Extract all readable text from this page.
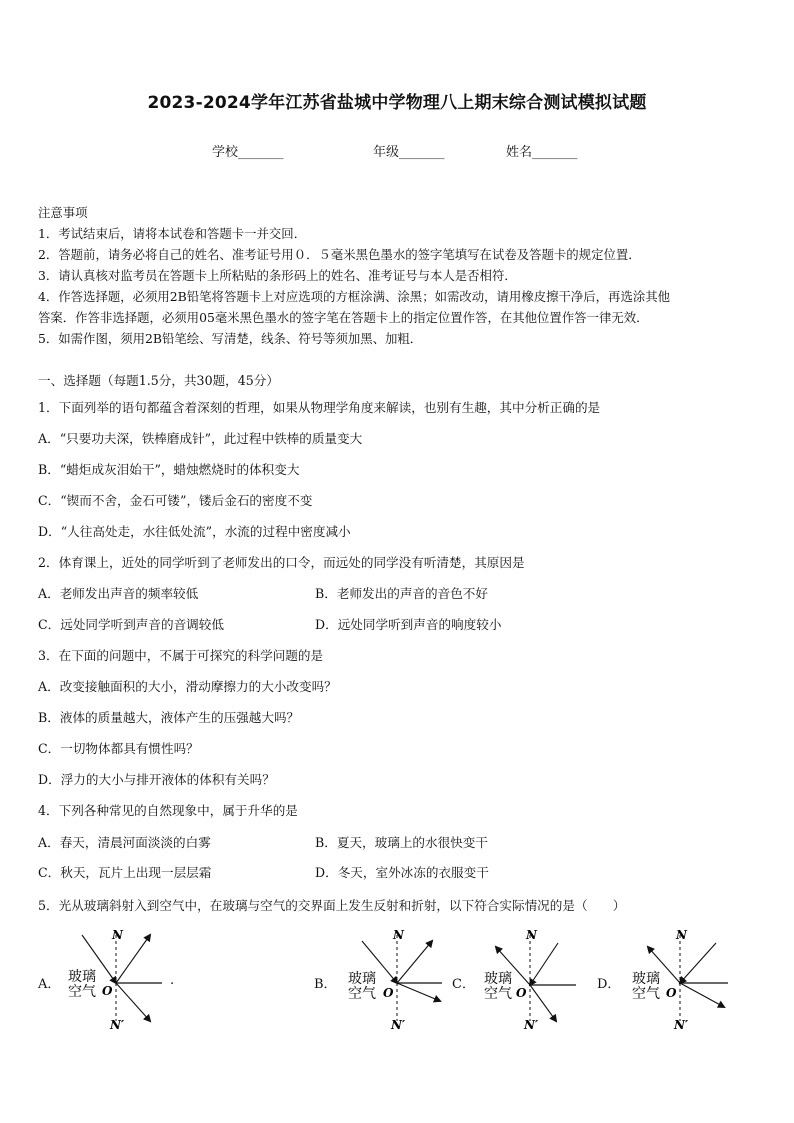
2023-2024学年江苏省盐城中学物理八上期末综合测试模拟试题
学校_______	年级_______	姓名_______
注意事项
1．考试结束后，请将本试卷和答题卡一并交回．
2．答题前，请务必将自己的姓名、准考证号用０．５毫米黑色墨水的签字笔填写在试卷及答题卡的规定位置．
3．请认真核对监考员在答题卡上所粘贴的条形码上的姓名、准考证号与本人是否相符．
4．作答选择题，必须用2B铅笔将答题卡上对应选项的方框涂满、涂黑；如需改动，请用橡皮擦干净后，再选涂其他
答案．作答非选择题，必须用05毫米黑色墨水的签字笔在答题卡上的指定位置作答，在其他位置作答一律无效．
5．如需作图，须用2B铅笔绘、写清楚，线条、符号等须加黑、加粗．
一、选择题（每题1.5分，共30题，45分）
1．下面列举的语句都蕴含着深刻的哲理，如果从物理学角度来解读，也别有生趣，其中分析正确的是
A．“只要功夫深，铁棒磨成针”，此过程中铁棒的质量变大
B．“蜡炬成灰泪始干”，蜡烛燃烧时的体积变大
C．“锲而不舍，金石可镂”，镂后金石的密度不变
D．“人往高处走，水往低处流”，水流的过程中密度减小
2．体育课上，近处的同学听到了老师发出的口令，而远处的同学没有听清楚，其原因是
A．老师发出声音的频率较低	B．老师发出的声音的音色不好
C．远处同学听到声音的音调较低	D．远处同学听到声音的响度较小
3．在下面的问题中，不属于可探究的科学问题的是
A．改变接触面积的大小，滑动摩擦力的大小改变吗？
B．液体的质量越大，液体产生的压强越大吗？
C．一切物体都具有惯性吗？
D．浮力的大小与排开液体的体积有关吗？
4．下列各种常见的自然现象中，属于升华的是
A．春天，清晨河面淡淡的白雾	B．夏天，玻璃上的水很快变干
C．秋天，瓦片上出现一层层霜	D．冬天，室外冰冻的衣服变干
5．光从玻璃斜射入到空气中，在玻璃与空气的交界面上发生反射和折射，以下符合实际情况的是（　　）
A．	B．	C．	D．
.
N
N′
O
玻璃
空气
N
N′
O
玻璃
空气
N
N′
O
玻璃
空气
N
N′
O
玻璃
空气
